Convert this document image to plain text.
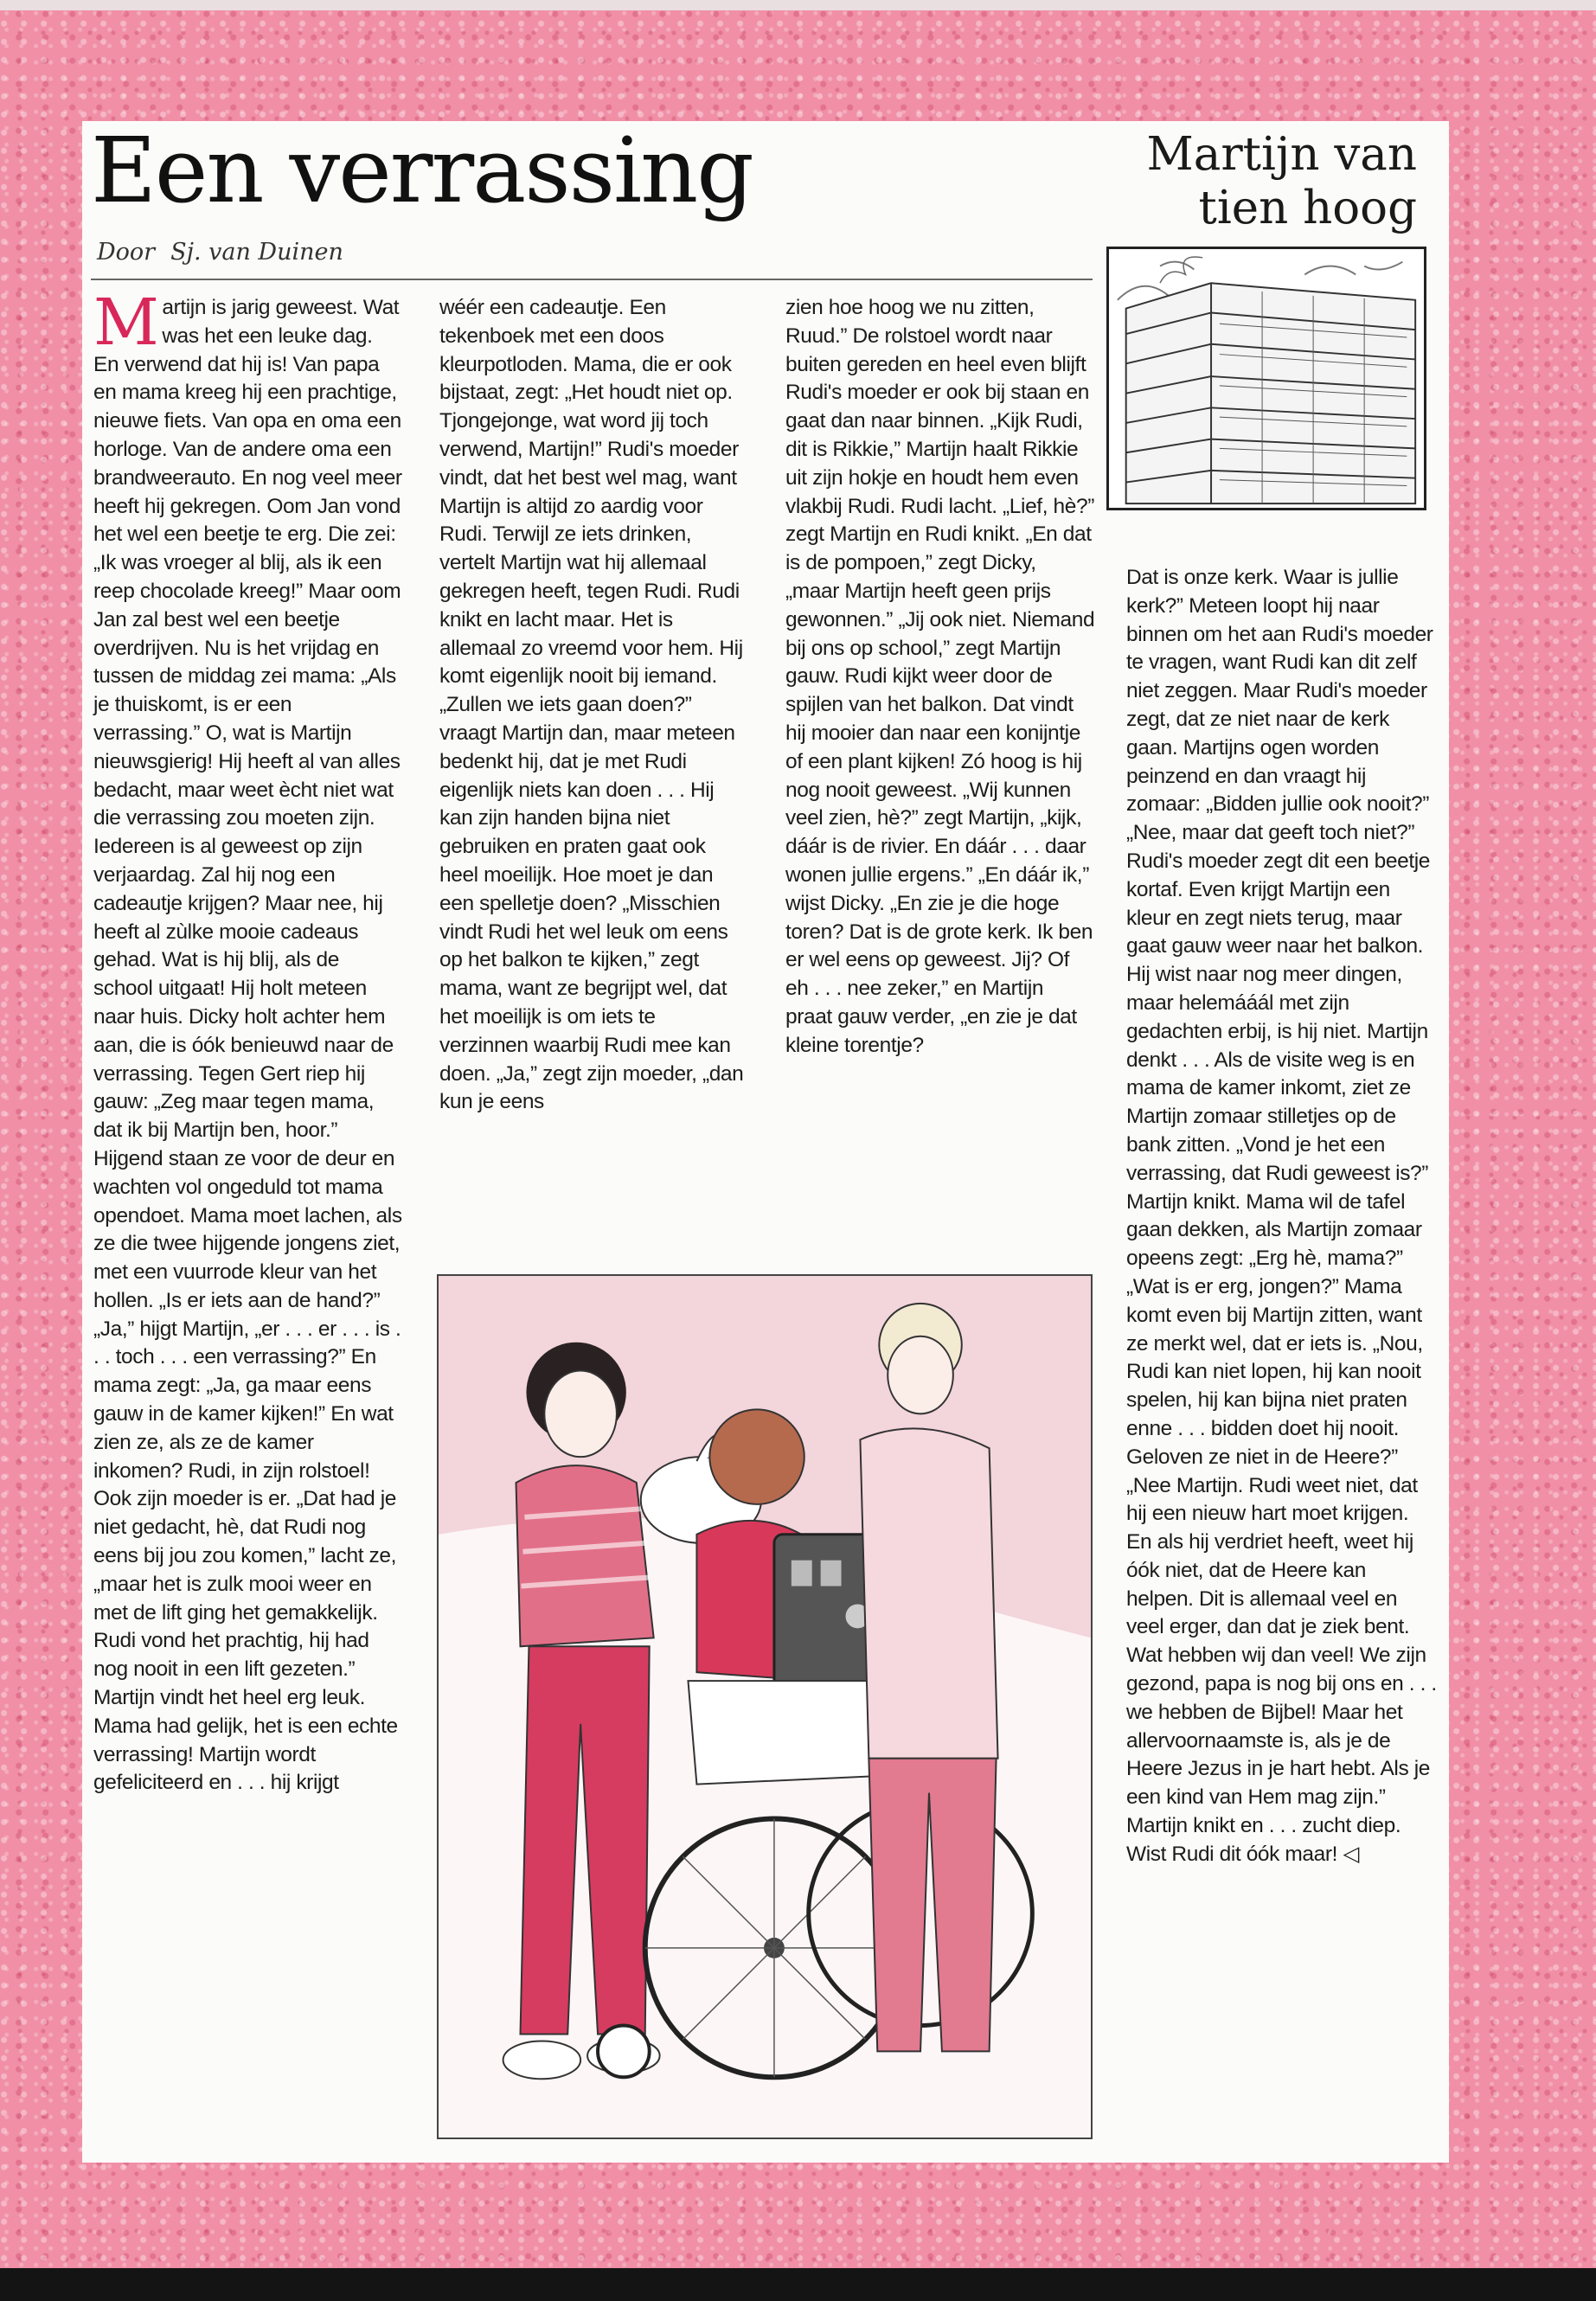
Een verrassing
Door Sj. van Duinen
Martijn van
tien hoog
Martijn is jarig geweest. Wat was het een leuke dag. En verwend dat hij is! Van papa en mama kreeg hij een prachtige, nieuwe fiets. Van opa en oma een horloge. Van de andere oma een brandweerauto. En nog veel meer heeft hij gekregen. Oom Jan vond het wel een beetje te erg. Die zei: „Ik was vroeger al blij, als ik een reep chocolade kreeg!” Maar oom Jan zal best wel een beetje overdrijven. Nu is het vrijdag en tussen de middag zei mama: „Als je thuiskomt, is er een verrassing.” O, wat is Martijn nieuwsgierig! Hij heeft al van alles bedacht, maar weet ècht niet wat die verrassing zou moeten zijn. Iedereen is al geweest op zijn verjaardag. Zal hij nog een cadeautje krijgen? Maar nee, hij heeft al zùlke mooie cadeaus gehad. Wat is hij blij, als de school uitgaat! Hij holt meteen naar huis. Dicky holt achter hem aan, die is óók benieuwd naar de verrassing. Tegen Gert riep hij gauw: „Zeg maar tegen mama, dat ik bij Martijn ben, hoor.” Hijgend staan ze voor de deur en wachten vol ongeduld tot mama opendoet. Mama moet lachen, als ze die twee hijgende jongens ziet, met een vuurrode kleur van het hollen. „Is er iets aan de hand?” „Ja,” hijgt Martijn, „er . . . er . . . is . . . toch . . . een verrassing?” En mama zegt: „Ja, ga maar eens gauw in de kamer kijken!” En wat zien ze, als ze de kamer inkomen? Rudi, in zijn rolstoel! Ook zijn moeder is er. „Dat had je niet gedacht, hè, dat Rudi nog eens bij jou zou komen,” lacht ze, „maar het is zulk mooi weer en met de lift ging het gemakkelijk. Rudi vond het prachtig, hij had nog nooit in een lift gezeten.” Martijn vindt het heel erg leuk. Mama had gelijk, het is een echte verrassing! Martijn wordt gefeliciteerd en . . . hij krijgt
wéér een cadeautje. Een tekenboek met een doos kleurpotloden. Mama, die er ook bijstaat, zegt: „Het houdt niet op. Tjongejonge, wat word jij toch verwend, Martijn!” Rudi's moeder vindt, dat het best wel mag, want Martijn is altijd zo aardig voor Rudi. Terwijl ze iets drinken, vertelt Martijn wat hij allemaal gekregen heeft, tegen Rudi. Rudi knikt en lacht maar. Het is allemaal zo vreemd voor hem. Hij komt eigenlijk nooit bij iemand. „Zullen we iets gaan doen?” vraagt Martijn dan, maar meteen bedenkt hij, dat je met Rudi eigenlijk niets kan doen . . . Hij kan zijn handen bijna niet gebruiken en praten gaat ook heel moeilijk. Hoe moet je dan een spelletje doen? „Misschien vindt Rudi het wel leuk om eens op het balkon te kijken,” zegt mama, want ze begrijpt wel, dat het moeilijk is om iets te verzinnen waarbij Rudi mee kan doen. „Ja,” zegt zijn moeder, „dan kun je eens
zien hoe hoog we nu zitten, Ruud.” De rolstoel wordt naar buiten gereden en heel even blijft Rudi's moeder er ook bij staan en gaat dan naar binnen. „Kijk Rudi, dit is Rikkie,” Martijn haalt Rikkie uit zijn hokje en houdt hem even vlakbij Rudi. Rudi lacht. „Lief, hè?” zegt Martijn en Rudi knikt. „En dat is de pompoen,” zegt Dicky, „maar Martijn heeft geen prijs gewonnen.” „Jij ook niet. Niemand bij ons op school,” zegt Martijn gauw. Rudi kijkt weer door de spijlen van het balkon. Dat vindt hij mooier dan naar een konijntje of een plant kijken! Zó hoog is hij nog nooit geweest. „Wij kunnen veel zien, hè?” zegt Martijn, „kijk, dáár is de rivier. En dáár . . . daar wonen jullie ergens.” „En dáár ik,” wijst Dicky. „En zie je die hoge toren? Dat is de grote kerk. Ik ben er wel eens op geweest. Jij? Of eh . . . nee zeker,” en Martijn praat gauw verder, „en zie je dat kleine torentje?
Dat is onze kerk. Waar is jullie kerk?” Meteen loopt hij naar binnen om het aan Rudi's moeder te vragen, want Rudi kan dit zelf niet zeggen. Maar Rudi's moeder zegt, dat ze niet naar de kerk gaan. Martijns ogen worden peinzend en dan vraagt hij zomaar: „Bidden jullie ook nooit?” „Nee, maar dat geeft toch niet?” Rudi's moeder zegt dit een beetje kortaf. Even krijgt Martijn een kleur en zegt niets terug, maar gaat gauw weer naar het balkon. Hij wist naar nog meer dingen, maar helemááál met zijn gedachten erbij, is hij niet. Martijn denkt . . . Als de visite weg is en mama de kamer inkomt, ziet ze Martijn zomaar stilletjes op de bank zitten. „Vond je het een verrassing, dat Rudi geweest is?” Martijn knikt. Mama wil de tafel gaan dekken, als Martijn zomaar opeens zegt: „Erg hè, mama?” „Wat is er erg, jongen?” Mama komt even bij Martijn zitten, want ze merkt wel, dat er iets is. „Nou, Rudi kan niet lopen, hij kan nooit spelen, hij kan bijna niet praten enne . . . bidden doet hij nooit. Geloven ze niet in de Heere?” „Nee Martijn. Rudi weet niet, dat hij een nieuw hart moet krijgen. En als hij verdriet heeft, weet hij óók niet, dat de Heere kan helpen. Dit is allemaal veel en veel erger, dan dat je ziek bent. Wat hebben wij dan veel! We zijn gezond, papa is nog bij ons en . . . we hebben de Bijbel! Maar het allervoornaamste is, als je de Heere Jezus in je hart hebt. Als je een kind van Hem mag zijn.” Martijn knikt en . . . zucht diep. Wist Rudi dit óók maar! ◁
